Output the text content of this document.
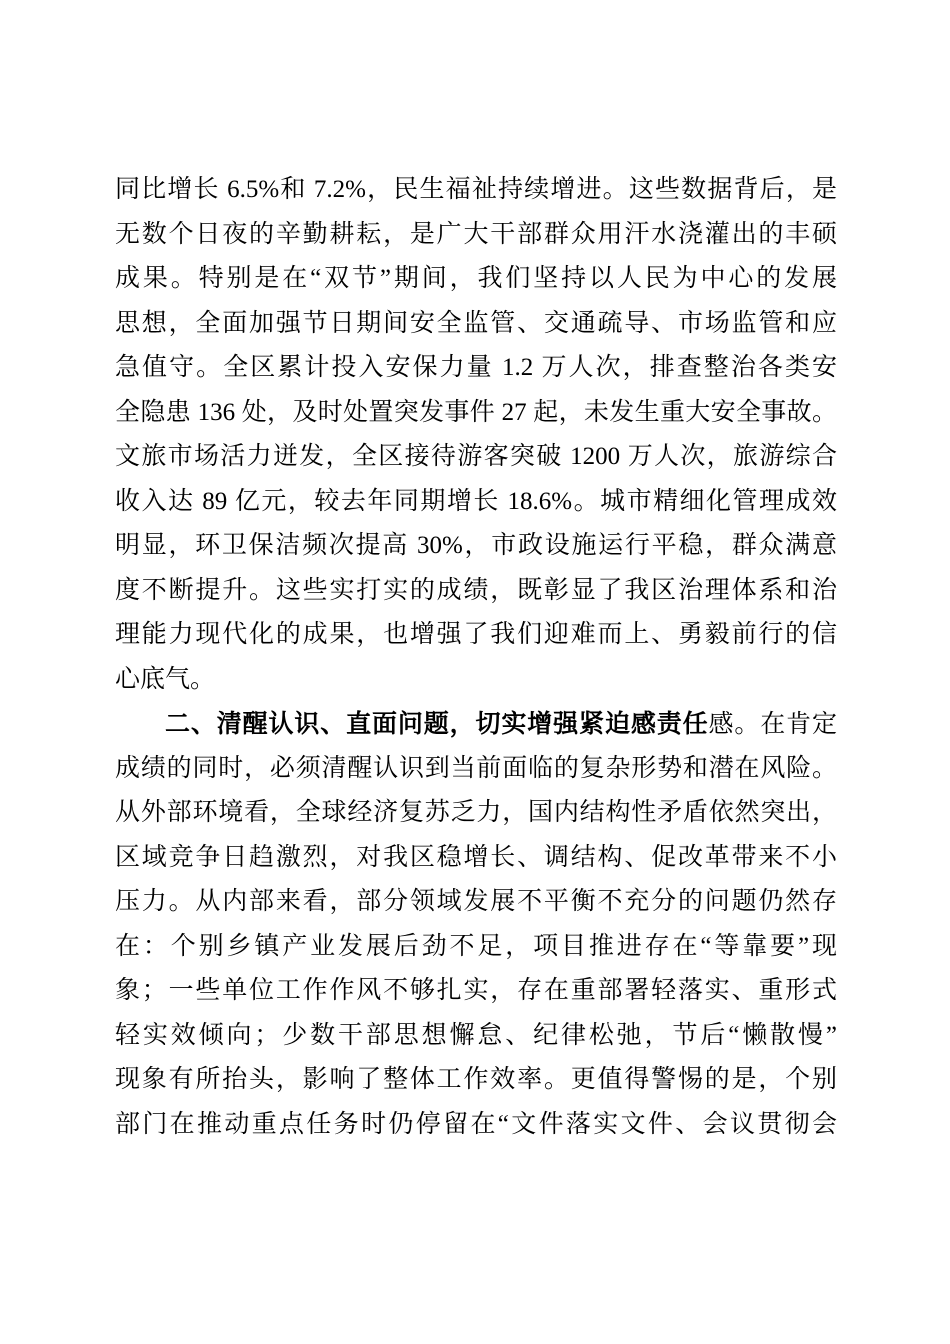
同比增长 6.5%和 7.2%，民生福祉持续增进。这些数据背后，是
无数个日夜的辛勤耕耘，是广大干部群众用汗水浇灌出的丰硕
成果。特别是在“双节”期间，我们坚持以人民为中心的发展
思想，全面加强节日期间安全监管、交通疏导、市场监管和应
急值守。全区累计投入安保力量 1.2 万人次，排查整治各类安
全隐患 136 处，及时处置突发事件 27 起，未发生重大安全事故。
文旅市场活力迸发，全区接待游客突破 1200 万人次，旅游综合
收入达 89 亿元，较去年同期增长 18.6%。城市精细化管理成效
明显，环卫保洁频次提高 30%，市政设施运行平稳，群众满意
度不断提升。这些实打实的成绩，既彰显了我区治理体系和治
理能力现代化的成果，也增强了我们迎难而上、勇毅前行的信
心底气。

二、清醒认识、直面问题，切实增强紧迫感责任感。在肯定
成绩的同时，必须清醒认识到当前面临的复杂形势和潜在风险。
从外部环境看，全球经济复苏乏力，国内结构性矛盾依然突出，
区域竞争日趋激烈，对我区稳增长、调结构、促改革带来不小
压力。从内部来看，部分领域发展不平衡不充分的问题仍然存
在：个别乡镇产业发展后劲不足，项目推进存在“等靠要”现
象；一些单位工作作风不够扎实，存在重部署轻落实、重形式
轻实效倾向；少数干部思想懈怠、纪律松弛，节后“懒散慢”
现象有所抬头，影响了整体工作效率。更值得警惕的是，个别
部门在推动重点任务时仍停留在“文件落实文件、会议贯彻会
